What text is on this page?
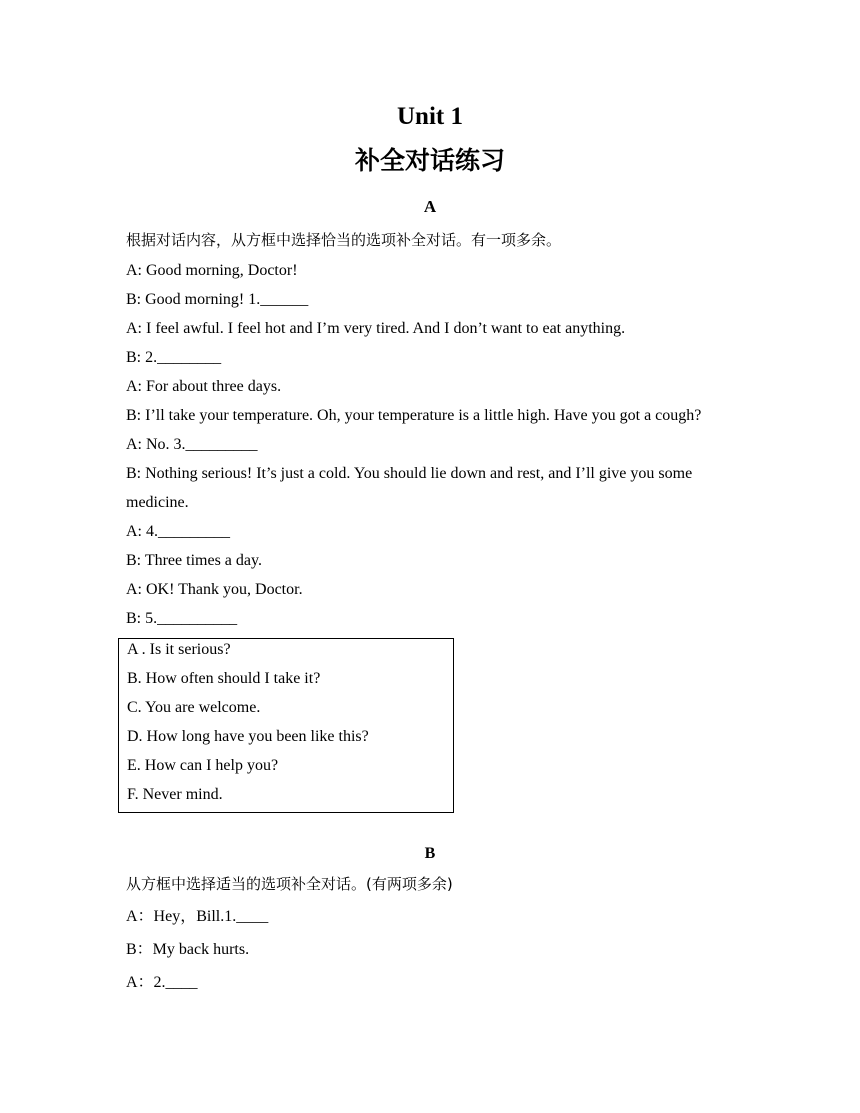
Unit 1
补全对话练习
A
根据对话内容，从方框中选择恰当的选项补全对话。有一项多余。
A: Good morning, Doctor!
B: Good morning! 1.______
A: I feel awful. I feel hot and I’m very tired. And I don’t want to eat anything.
B: 2.________
A: For about three days.
B: I’ll take your temperature. Oh, your temperature is a little high. Have you got a cough?
A: No. 3._________
B: Nothing serious! It’s just a cold. You should lie down and rest, and I’ll give you some
medicine.
A: 4._________
B: Three times a day.
A: OK! Thank you, Doctor.
B: 5.__________
A . Is it serious?
B. How often should I take it?
C. You are welcome.
D. How long have you been like this?
E. How can I help you?
F. Never mind.
B
从方框中选择适当的选项补全对话。(有两项多余)
A：Hey，Bill.1.____
B：My back hurts.
A：2.____
